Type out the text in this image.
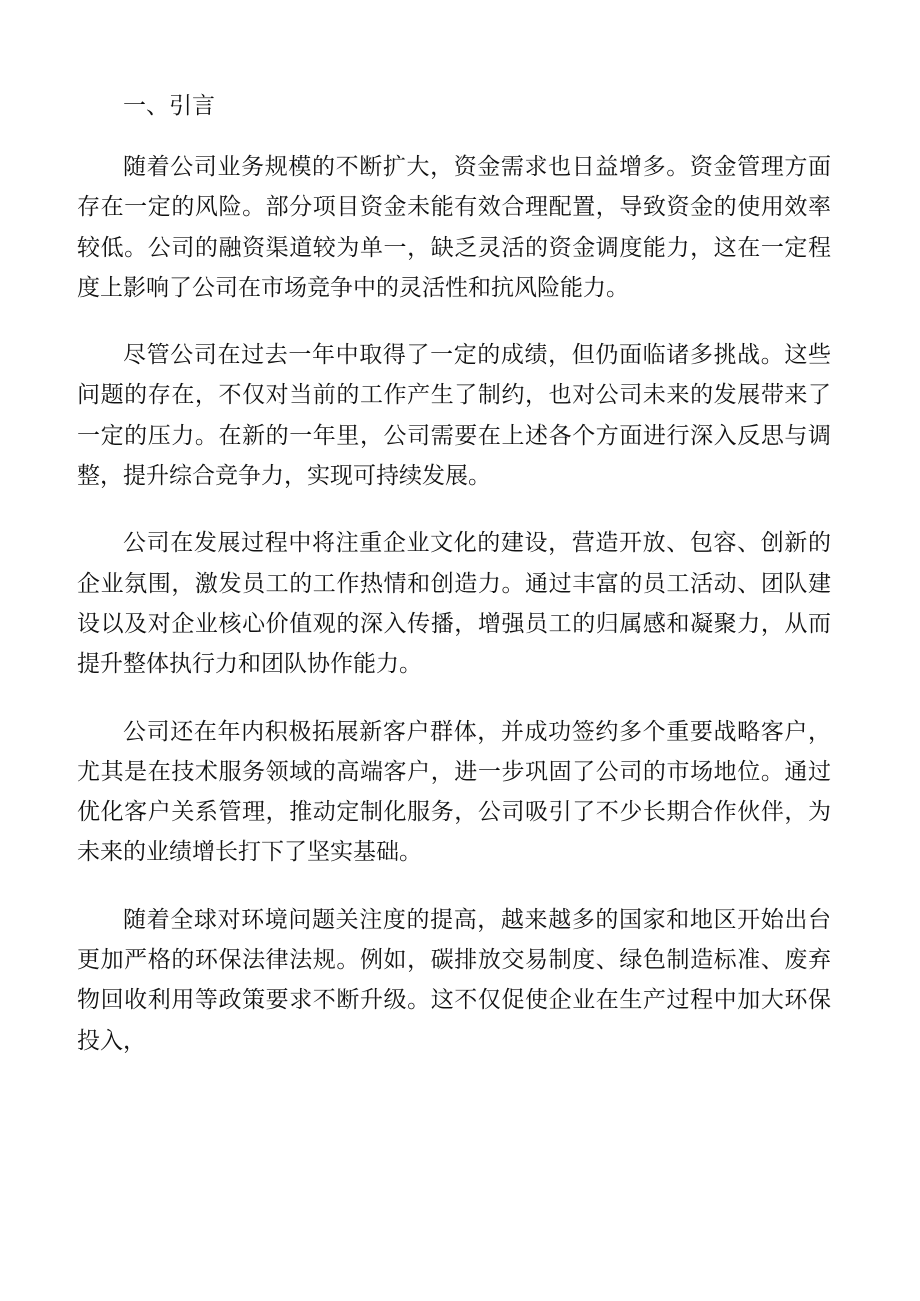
一、引言

随着公司业务规模的不断扩大，资金需求也日益增多。资金管理方面存在一定的风险。部分项目资金未能有效合理配置，导致资金的使用效率较低。公司的融资渠道较为单一，缺乏灵活的资金调度能力，这在一定程度上影响了公司在市场竞争中的灵活性和抗风险能力。

尽管公司在过去一年中取得了一定的成绩，但仍面临诸多挑战。这些问题的存在，不仅对当前的工作产生了制约，也对公司未来的发展带来了一定的压力。在新的一年里，公司需要在上述各个方面进行深入反思与调整，提升综合竞争力，实现可持续发展。

公司在发展过程中将注重企业文化的建设，营造开放、包容、创新的企业氛围，激发员工的工作热情和创造力。通过丰富的员工活动、团队建设以及对企业核心价值观的深入传播，增强员工的归属感和凝聚力，从而提升整体执行力和团队协作能力。

公司还在年内积极拓展新客户群体，并成功签约多个重要战略客户，尤其是在技术服务领域的高端客户，进一步巩固了公司的市场地位。通过优化客户关系管理，推动定制化服务，公司吸引了不少长期合作伙伴，为未来的业绩增长打下了坚实基础。

随着全球对环境问题关注度的提高，越来越多的国家和地区开始出台更加严格的环保法律法规。例如，碳排放交易制度、绿色制造标准、废弃物回收利用等政策要求不断升级。这不仅促使企业在生产过程中加大环保投入，
